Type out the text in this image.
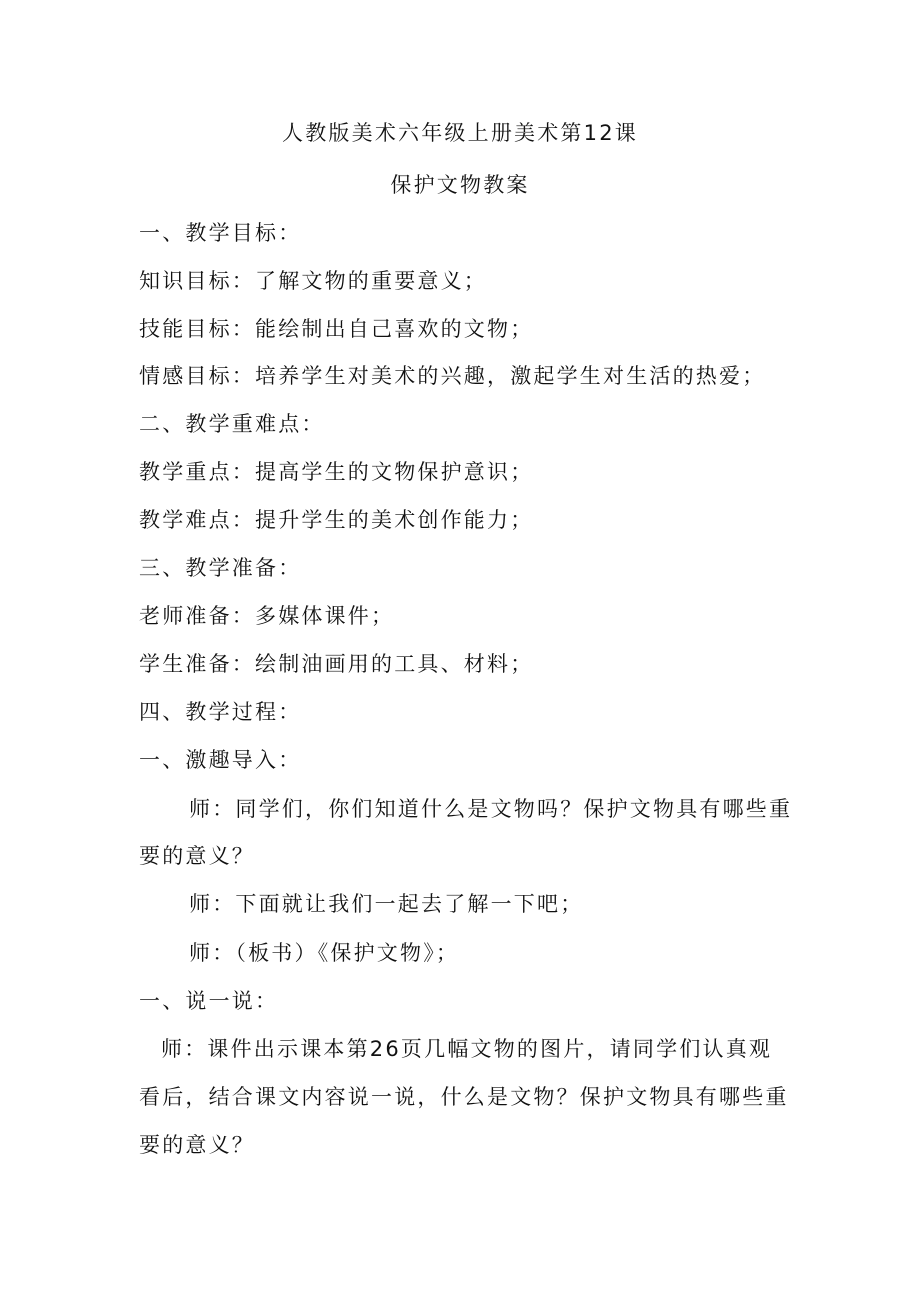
人教版美术六年级上册美术第12课
保护文物教案
一、教学目标：
知识目标：了解文物的重要意义；
技能目标：能绘制出自己喜欢的文物；
情感目标：培养学生对美术的兴趣，激起学生对生活的热爱；
二、教学重难点：
教学重点：提高学生的文物保护意识；
教学难点：提升学生的美术创作能力；
三、教学准备：
老师准备：多媒体课件；
学生准备：绘制油画用的工具、材料；
四、教学过程：
一、激趣导入：
师：同学们，你们知道什么是文物吗？保护文物具有哪些重
要的意义？
师：下面就让我们一起去了解一下吧；
师：（板书）《保护文物》；
一、说一说：
师：课件出示课本第26页几幅文物的图片，请同学们认真观
看后，结合课文内容说一说，什么是文物？保护文物具有哪些重
要的意义？
